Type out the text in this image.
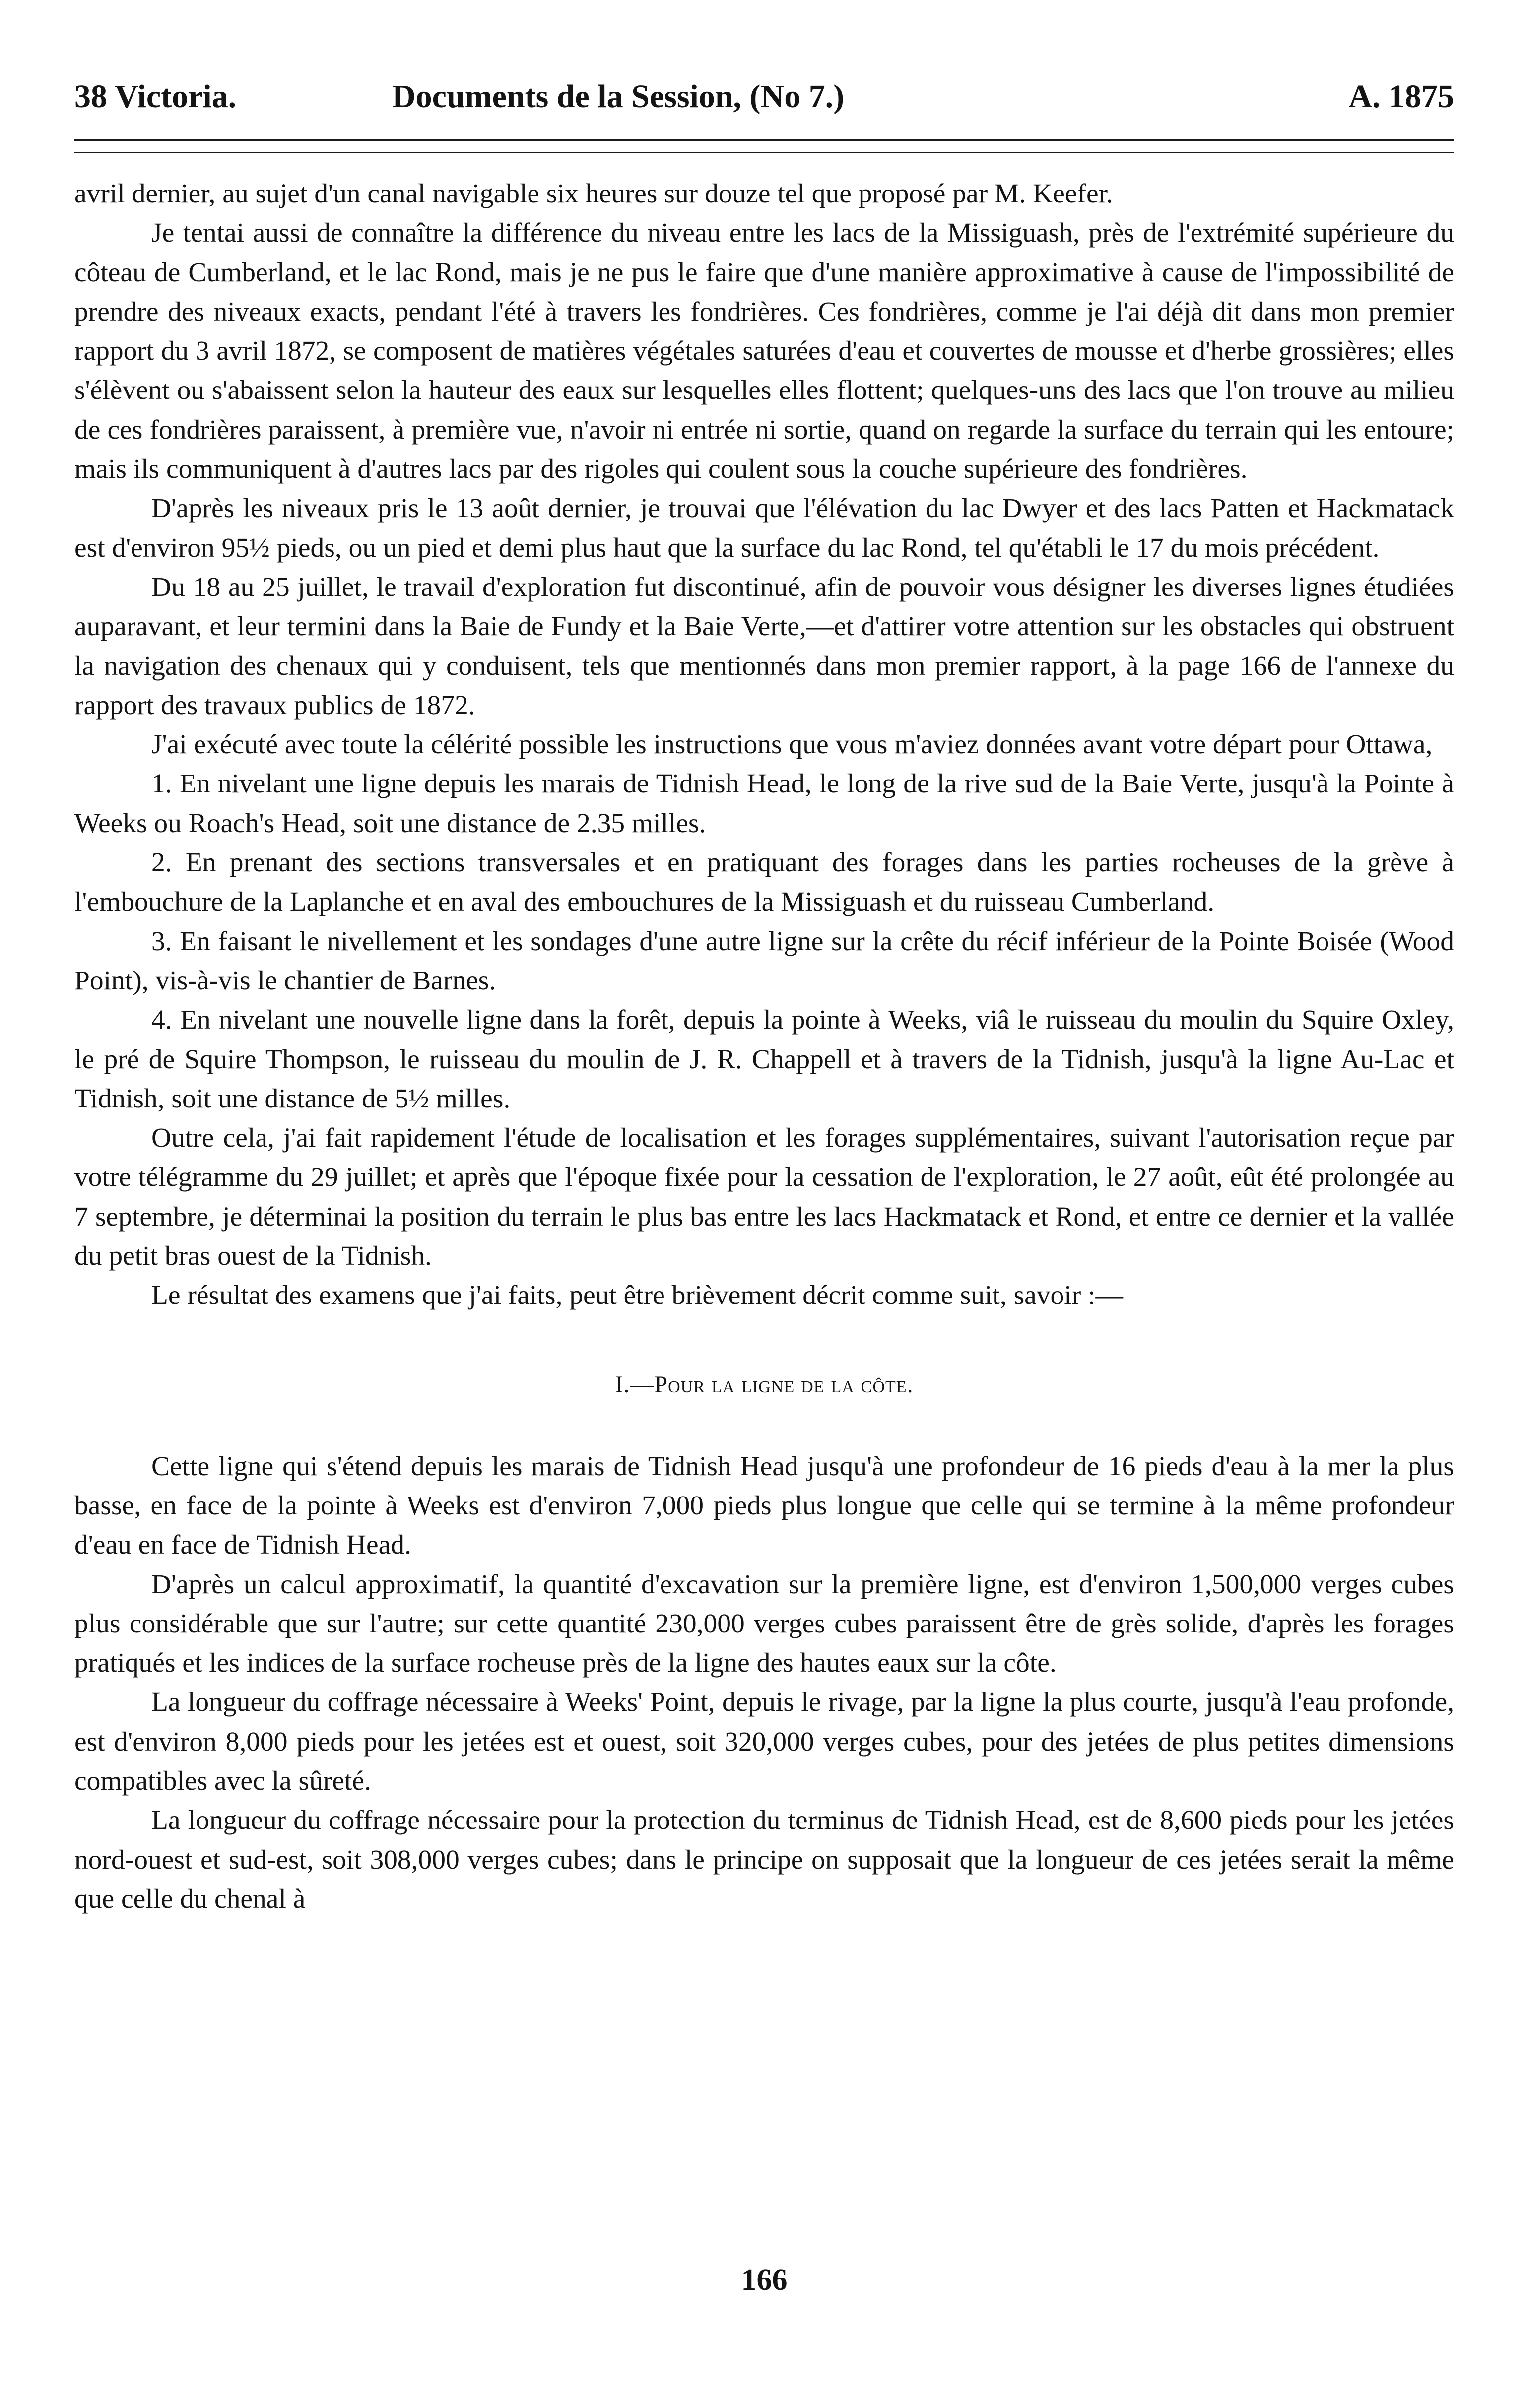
38 Victoria.	Documents de la Session, (No 7.)	A. 1875

avril dernier, au sujet d'un canal navigable six heures sur douze tel que proposé par M. Keefer.

Je tentai aussi de connaître la différence du niveau entre les lacs de la Missiguash, près de l'extrémité supérieure du côteau de Cumberland, et le lac Rond, mais je ne pus le faire que d'une manière approximative à cause de l'impossibilité de prendre des niveaux exacts, pendant l'été à travers les fondrières. Ces fondrières, comme je l'ai déjà dit dans mon premier rapport du 3 avril 1872, se composent de matières végétales saturées d'eau et couvertes de mousse et d'herbe grossières; elles s'élèvent ou s'abaissent selon la hauteur des eaux sur lesquelles elles flottent; quelques-uns des lacs que l'on trouve au milieu de ces fondrières paraissent, à première vue, n'avoir ni entrée ni sortie, quand on regarde la surface du terrain qui les entoure; mais ils communiquent à d'autres lacs par des rigoles qui coulent sous la couche supérieure des fondrières.

D'après les niveaux pris le 13 août dernier, je trouvai que l'élévation du lac Dwyer et des lacs Patten et Hackmatack est d'environ 95½ pieds, ou un pied et demi plus haut que la surface du lac Rond, tel qu'établi le 17 du mois précédent.

Du 18 au 25 juillet, le travail d'exploration fut discontinué, afin de pouvoir vous désigner les diverses lignes étudiées auparavant, et leur termini dans la Baie de Fundy et la Baie Verte,—et d'attirer votre attention sur les obstacles qui obstruent la navigation des chenaux qui y conduisent, tels que mentionnés dans mon premier rapport, à la page 166 de l'annexe du rapport des travaux publics de 1872.

J'ai exécuté avec toute la célérité possible les instructions que vous m'aviez données avant votre départ pour Ottawa,

1. En nivelant une ligne depuis les marais de Tidnish Head, le long de la rive sud de la Baie Verte, jusqu'à la Pointe à Weeks ou Roach's Head, soit une distance de 2.35 milles.

2. En prenant des sections transversales et en pratiquant des forages dans les parties rocheuses de la grève à l'embouchure de la Laplanche et en aval des embouchures de la Missiguash et du ruisseau Cumberland.

3. En faisant le nivellement et les sondages d'une autre ligne sur la crête du récif inférieur de la Pointe Boisée (Wood Point), vis-à-vis le chantier de Barnes.

4. En nivelant une nouvelle ligne dans la forêt, depuis la pointe à Weeks, viâ le ruisseau du moulin du Squire Oxley, le pré de Squire Thompson, le ruisseau du moulin de J. R. Chappell et à travers de la Tidnish, jusqu'à la ligne Au-Lac et Tidnish, soit une distance de 5½ milles.

Outre cela, j'ai fait rapidement l'étude de localisation et les forages supplémentaires, suivant l'autorisation reçue par votre télégramme du 29 juillet; et après que l'époque fixée pour la cessation de l'exploration, le 27 août, eût été prolongée au 7 septembre, je déterminai la position du terrain le plus bas entre les lacs Hackmatack et Rond, et entre ce dernier et la vallée du petit bras ouest de la Tidnish.

Le résultat des examens que j'ai faits, peut être brièvement décrit comme suit, savoir :—

I.—Pour la ligne de la côte.

Cette ligne qui s'étend depuis les marais de Tidnish Head jusqu'à une profondeur de 16 pieds d'eau à la mer la plus basse, en face de la pointe à Weeks est d'environ 7,000 pieds plus longue que celle qui se termine à la même profondeur d'eau en face de Tidnish Head.

D'après un calcul approximatif, la quantité d'excavation sur la première ligne, est d'environ 1,500,000 verges cubes plus considérable que sur l'autre; sur cette quantité 230,000 verges cubes paraissent être de grès solide, d'après les forages pratiqués et les indices de la surface rocheuse près de la ligne des hautes eaux sur la côte.

La longueur du coffrage nécessaire à Weeks' Point, depuis le rivage, par la ligne la plus courte, jusqu'à l'eau profonde, est d'environ 8,000 pieds pour les jetées est et ouest, soit 320,000 verges cubes, pour des jetées de plus petites dimensions compatibles avec la sûreté.

La longueur du coffrage nécessaire pour la protection du terminus de Tidnish Head, est de 8,600 pieds pour les jetées nord-ouest et sud-est, soit 308,000 verges cubes; dans le principe on supposait que la longueur de ces jetées serait la même que celle du chenal à

166
